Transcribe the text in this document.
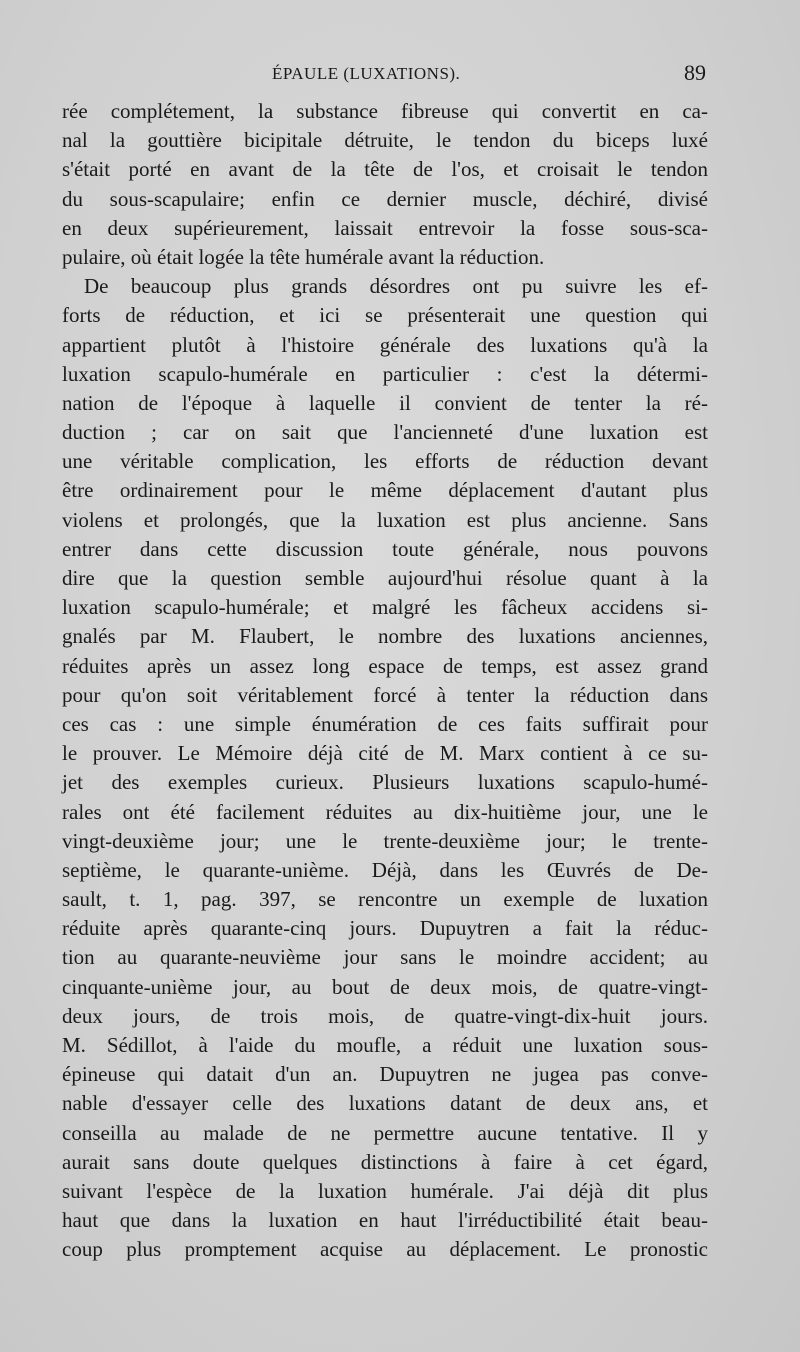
ÉPAULE (LUXATIONS).	89
rée complétement, la substance fibreuse qui convertit en ca-
nal la gouttière bicipitale détruite, le tendon du biceps luxé
s'était porté en avant de la tête de l'os, et croisait le tendon
du sous-scapulaire; enfin ce dernier muscle, déchiré, divisé
en deux supérieurement, laissait entrevoir la fosse sous-sca-
pulaire, où était logée la tête humérale avant la réduction.
De beaucoup plus grands désordres ont pu suivre les ef-
forts de réduction, et ici se présenterait une question qui
appartient plutôt à l'histoire générale des luxations qu'à la
luxation scapulo-humérale en particulier : c'est la détermi-
nation de l'époque à laquelle il convient de tenter la ré-
duction ; car on sait que l'ancienneté d'une luxation est
une véritable complication, les efforts de réduction devant
être ordinairement pour le même déplacement d'autant plus
violens et prolongés, que la luxation est plus ancienne. Sans
entrer dans cette discussion toute générale, nous pouvons
dire que la question semble aujourd'hui résolue quant à la
luxation scapulo-humérale; et malgré les fâcheux accidens si-
gnalés par M. Flaubert, le nombre des luxations anciennes,
réduites après un assez long espace de temps, est assez grand
pour qu'on soit véritablement forcé à tenter la réduction dans
ces cas : une simple énumération de ces faits suffirait pour
le prouver. Le Mémoire déjà cité de M. Marx contient à ce su-
jet des exemples curieux. Plusieurs luxations scapulo-humé-
rales ont été facilement réduites au dix-huitième jour, une le
vingt-deuxième jour; une le trente-deuxième jour; le trente-
septième, le quarante-unième. Déjà, dans les Œuvrés de De-
sault, t. 1, pag. 397, se rencontre un exemple de luxation
réduite après quarante-cinq jours. Dupuytren a fait la réduc-
tion au quarante-neuvième jour sans le moindre accident; au
cinquante-unième jour, au bout de deux mois, de quatre-vingt-
deux jours, de trois mois, de quatre-vingt-dix-huit jours.
M. Sédillot, à l'aide du moufle, a réduit une luxation sous-
épineuse qui datait d'un an. Dupuytren ne jugea pas conve-
nable d'essayer celle des luxations datant de deux ans, et
conseilla au malade de ne permettre aucune tentative. Il y
aurait sans doute quelques distinctions à faire à cet égard,
suivant l'espèce de la luxation humérale. J'ai déjà dit plus
haut que dans la luxation en haut l'irréductibilité était beau-
coup plus promptement acquise au déplacement. Le pronostic
